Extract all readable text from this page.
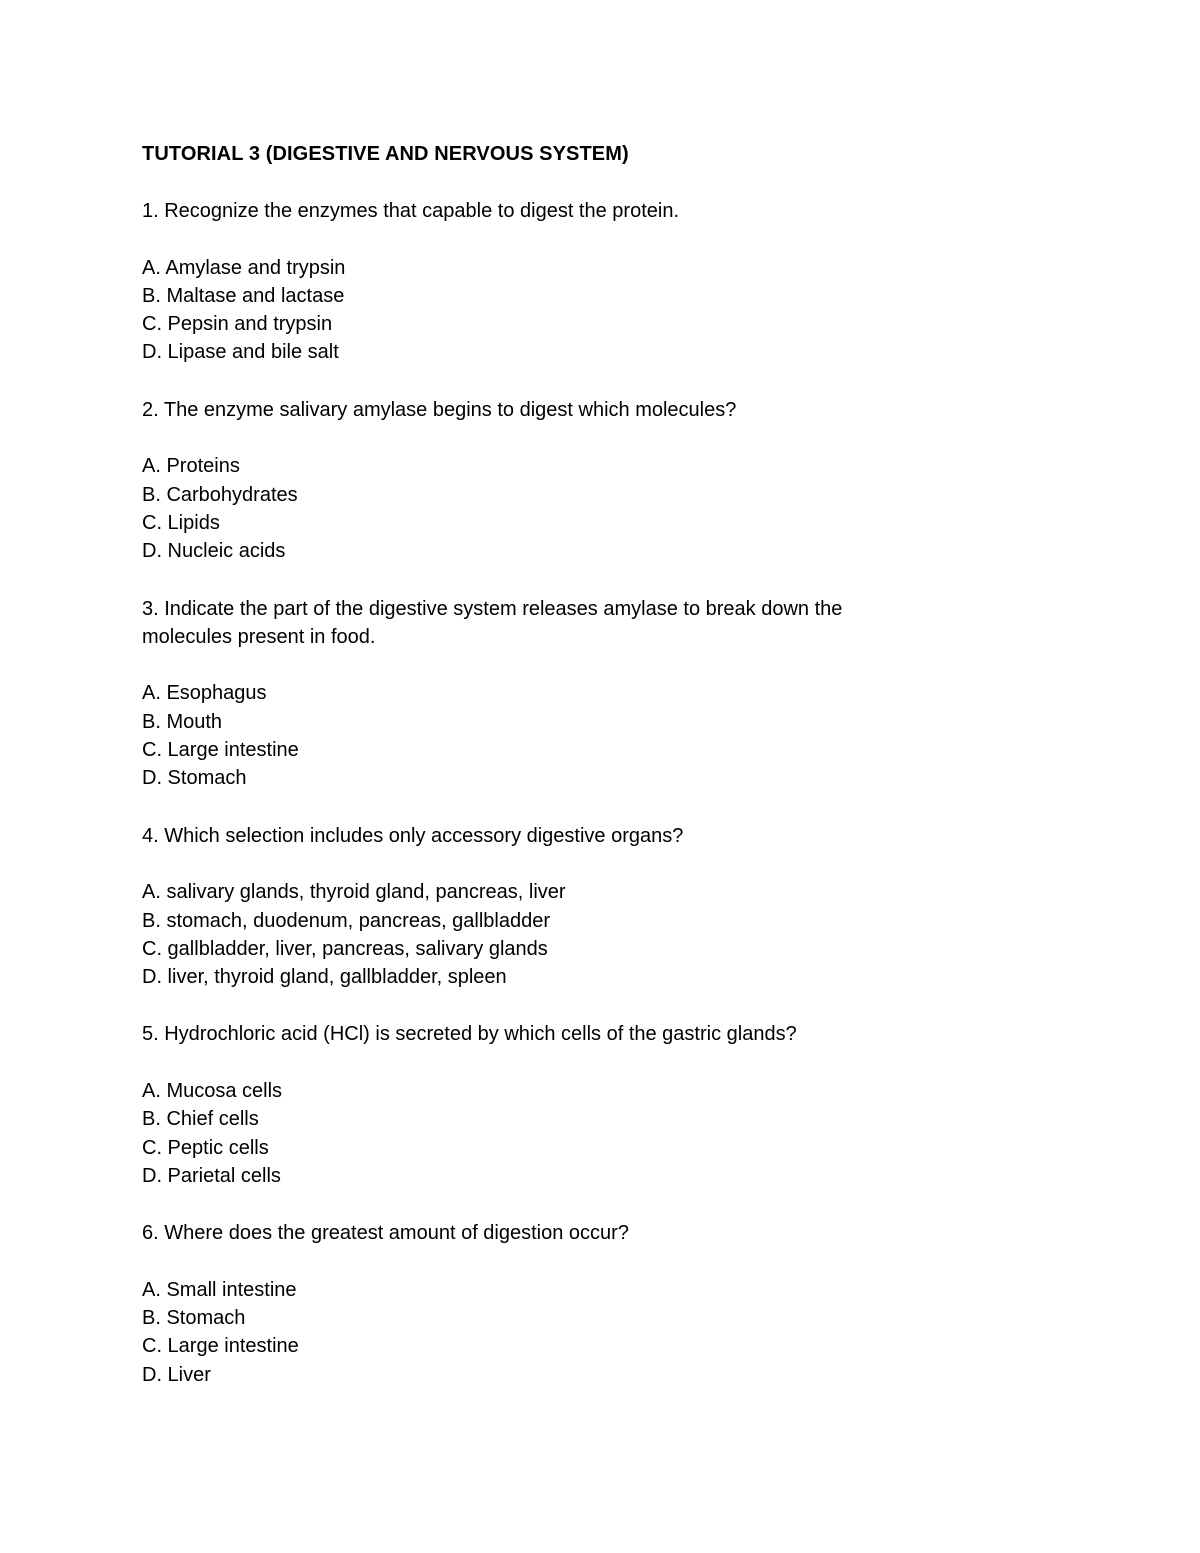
TUTORIAL 3 (DIGESTIVE AND NERVOUS SYSTEM)

1. Recognize the enzymes that capable to digest the protein.

A. Amylase and trypsin
B. Maltase and lactase
C. Pepsin and trypsin
D. Lipase and bile salt

2. The enzyme salivary amylase begins to digest which molecules?

A. Proteins
B. Carbohydrates
C. Lipids
D. Nucleic acids

3. Indicate the part of the digestive system releases amylase to break down the molecules present in food.

A. Esophagus
B. Mouth
C. Large intestine
D. Stomach

4. Which selection includes only accessory digestive organs?

A. salivary glands, thyroid gland, pancreas, liver
B. stomach, duodenum, pancreas, gallbladder
C. gallbladder, liver, pancreas, salivary glands
D. liver, thyroid gland, gallbladder, spleen

5. Hydrochloric acid (HCl) is secreted by which cells of the gastric glands?

A. Mucosa cells
B. Chief cells
C. Peptic cells
D. Parietal cells

6. Where does the greatest amount of digestion occur?

A. Small intestine
B. Stomach
C. Large intestine
D. Liver
